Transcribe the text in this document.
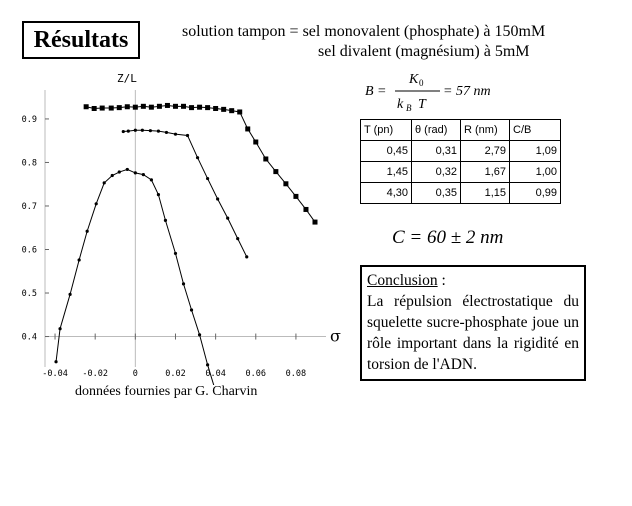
Résultats	solution tampon = sel monovalent (phosphate) à 150mM
sel divalent (magnésium) à 5mM
B =
K 0
k B T
= 57 nm
T (pn)	θ (rad)	R (nm)	C/B
0,45	0,31	2,79	1,09
1,45	0,32	1,67	1,00
4,30	0,35	1,15	0,99
C = 60 ± 2 nm
Conclusion :

La répulsion électrostatique du squelette sucre-phosphate joue un rôle important dans la rigidité en torsion de l'ADN.

0.4
0.5
0.6
0.7
0.8
0.9
-0.04 -0.02	0	0.02 0.04 0.06 0.08
Z/L
σ
données fournies par G. Charvin
